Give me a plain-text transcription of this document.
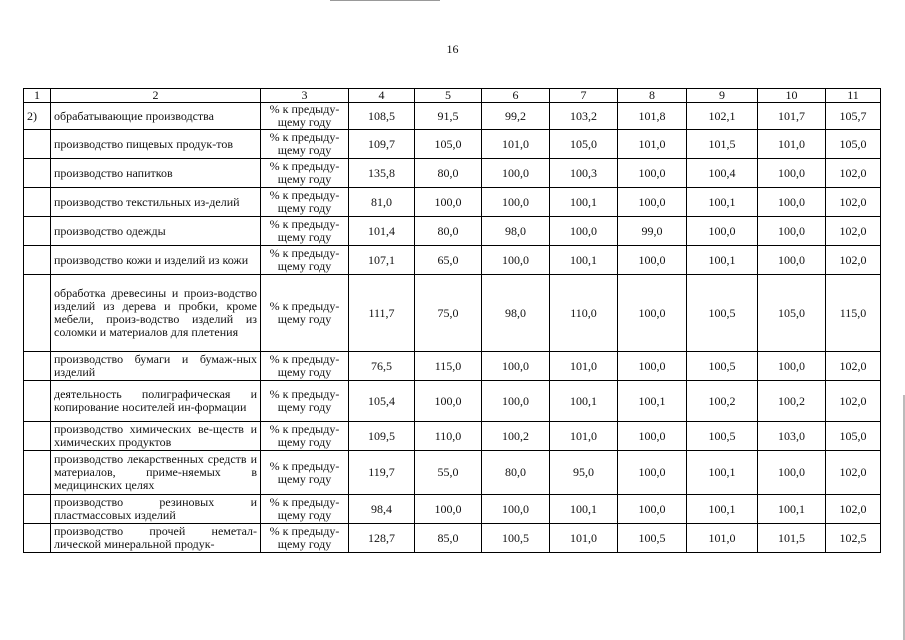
16
1	2	3	4	5	6	7	8	9	10	11
2)	обрабатывающие производства	% к предыду-щему году	108,5	91,5	99,2	103,2	101,8	102,1	101,7	105,7
	производство пищевых продук-тов	% к предыду-щему году	109,7	105,0	101,0	105,0	101,0	101,5	101,0	105,0
	производство напитков	% к предыду-щему году	135,8	80,0	100,0	100,3	100,0	100,4	100,0	102,0
	производство текстильных из-делий	% к предыду-щему году	81,0	100,0	100,0	100,1	100,0	100,1	100,0	102,0
	производство одежды	% к предыду-щему году	101,4	80,0	98,0	100,0	99,0	100,0	100,0	102,0
	производство кожи и изделий из кожи	% к предыду-щему году	107,1	65,0	100,0	100,1	100,0	100,1	100,0	102,0
	обработка древесины и произ-водство изделий из дерева и пробки, кроме мебели, произ-водство изделий из соломки и материалов для плетения	% к предыду-щему году	111,7	75,0	98,0	110,0	100,0	100,5	105,0	115,0
	производство бумаги и бумаж-ных изделий	% к предыду-щему году	76,5	115,0	100,0	101,0	100,0	100,5	100,0	102,0
	деятельность полиграфическая и копирование носителей ин-формации	% к предыду-щему году	105,4	100,0	100,0	100,1	100,1	100,2	100,2	102,0
	производство химических ве-ществ и химических продуктов	% к предыду-щему году	109,5	110,0	100,2	101,0	100,0	100,5	103,0	105,0
	производство лекарственных средств и материалов, приме-няемых в медицинских целях	% к предыду-щему году	119,7	55,0	80,0	95,0	100,0	100,1	100,0	102,0
	производство резиновых и пластмассовых изделий	% к предыду-щему году	98,4	100,0	100,0	100,1	100,0	100,1	100,1	102,0
	производство прочей неметал-лической минеральной продук-	% к предыду-щему году	128,7	85,0	100,5	101,0	100,5	101,0	101,5	102,5
